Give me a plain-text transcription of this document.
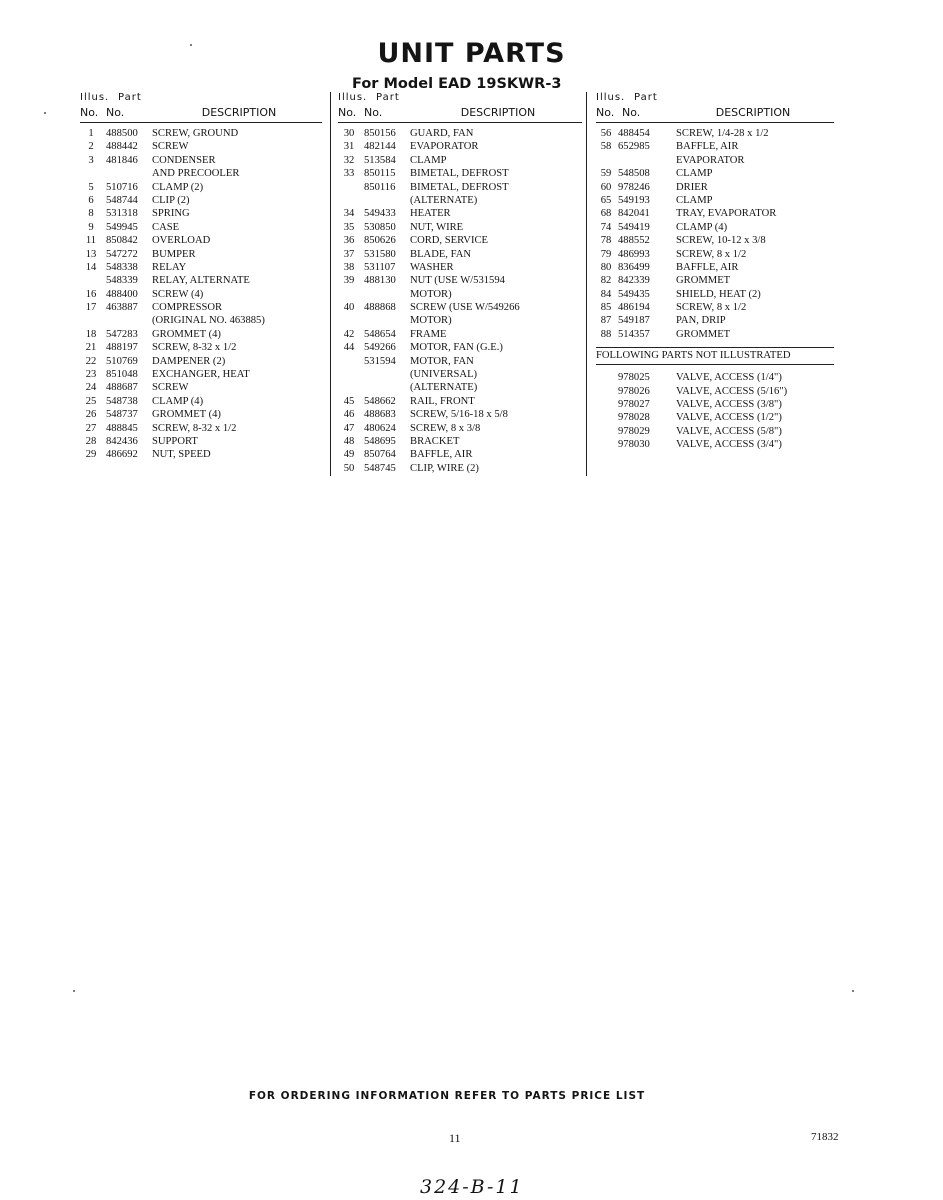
UNIT PARTS
For Model EAD 19SKWR-3
Illus. Part
No. No.	DESCRIPTION
1	488500	SCREW, GROUND
2	488442	SCREW
3	481846	CONDENSER
AND PRECOOLER
5	510716	CLAMP (2)
6	548744	CLIP (2)
8	531318	SPRING
9	549945	CASE
11 850842	OVERLOAD
13 547272	BUMPER
14 548338	RELAY
548339	RELAY, ALTERNATE
16 488400	SCREW (4)
17 463887	COMPRESSOR
(ORIGINAL NO. 463885)
18 547283	GROMMET (4)
21 488197	SCREW, 8-32 x 1/2
22 510769	DAMPENER (2)
23 851048	EXCHANGER, HEAT
24 488687	SCREW
25 548738	CLAMP (4)
26 548737	GROMMET (4)
27 488845	SCREW, 8-32 x 1/2
28 842436	SUPPORT
29 486692	NUT, SPEED
Illus. Part
No. No.	DESCRIPTION
30 850156	GUARD, FAN
31 482144	EVAPORATOR
32 513584	CLAMP
33 850115	BIMETAL, DEFROST
850116	BIMETAL, DEFROST
(ALTERNATE)
34 549433	HEATER
35 530850	NUT, WIRE
36 850626	CORD, SERVICE
37 531580	BLADE, FAN
38 531107	WASHER
39 488130	NUT (USE W/531594
MOTOR)
40 488868	SCREW (USE W/549266
MOTOR)
42 548654	FRAME
44 549266	MOTOR, FAN (G.E.)
531594	MOTOR, FAN
(UNIVERSAL)
(ALTERNATE)
45 548662	RAIL, FRONT
46 488683	SCREW, 5/16-18 x 5/8
47 480624	SCREW, 8 x 3/8
48 548695	BRACKET
49 850764	BAFFLE, AIR
50 548745	CLIP, WIRE (2)
Illus. Part
No. No.	DESCRIPTION
56 488454	SCREW, 1/4-28 x 1/2
58 652985	BAFFLE, AIR
EVAPORATOR
59 548508	CLAMP
60 978246	DRIER
65 549193	CLAMP
68 842041	TRAY, EVAPORATOR
74 549419	CLAMP (4)
78 488552	SCREW, 10-12 x 3/8
79 486993	SCREW, 8 x 1/2
80 836499	BAFFLE, AIR
82 842339	GROMMET
84 549435	SHIELD, HEAT (2)
85 486194	SCREW, 8 x 1/2
87 549187	PAN, DRIP
88 514357	GROMMET
FOLLOWING PARTS NOT ILLUSTRATED
978025	VALVE, ACCESS (1/4")
978026	VALVE, ACCESS (5/16")
978027	VALVE, ACCESS (3/8")
978028	VALVE, ACCESS (1/2")
978029	VALVE, ACCESS (5/8")
978030	VALVE, ACCESS (3/4")
FOR ORDERING INFORMATION REFER TO PARTS PRICE LIST
11	71832
324-B-11
